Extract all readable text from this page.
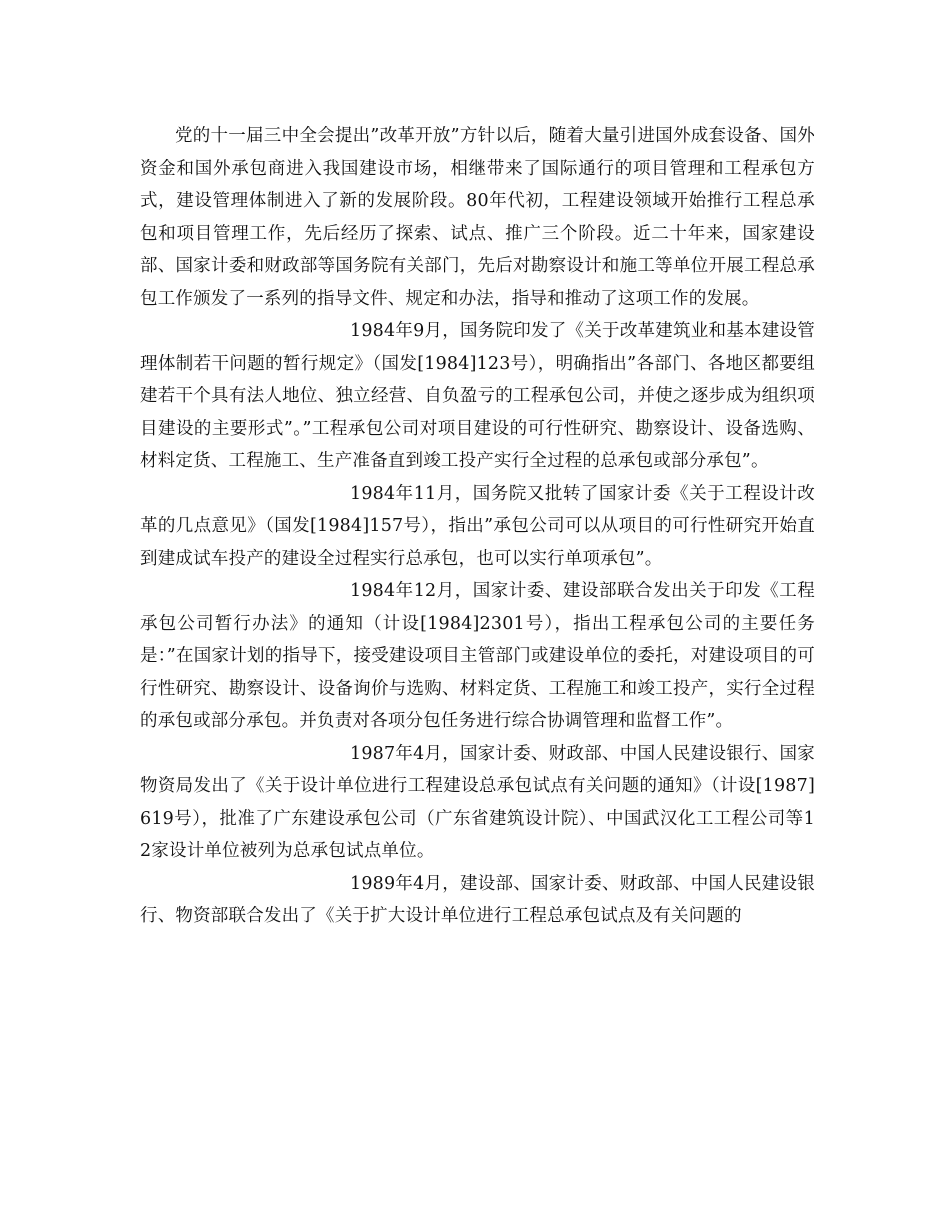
党的十一届三中全会提出”改革开放”方针以后，随着大量引进国外成套设备、国外资金和国外承包商进入我国建设市场，相继带来了国际通行的项目管理和工程承包方式，建设管理体制进入了新的发展阶段。80年代初，工程建设领域开始推行工程总承包和项目管理工作，先后经历了探索、试点、推广三个阶段。近二十年来，国家建设部、国家计委和财政部等国务院有关部门，先后对勘察设计和施工等单位开展工程总承包工作颁发了一系列的指导文件、规定和办法，指导和推动了这项工作的发展。

1984年9月，国务院印发了《关于改革建筑业和基本建设管理体制若干问题的暂行规定》（国发[1984]123号），明确指出”各部门、各地区都要组建若干个具有法人地位、独立经营、自负盈亏的工程承包公司，并使之逐步成为组织项目建设的主要形式”。”工程承包公司对项目建设的可行性研究、勘察设计、设备选购、材料定货、工程施工、生产准备直到竣工投产实行全过程的总承包或部分承包”。

1984年11月，国务院又批转了国家计委《关于工程设计改革的几点意见》（国发[1984]157号），指出”承包公司可以从项目的可行性研究开始直到建成试车投产的建设全过程实行总承包，也可以实行单项承包”。

1984年12月，国家计委、建设部联合发出关于印发《工程承包公司暂行办法》的通知（计设[1984]2301号），指出工程承包公司的主要任务是：”在国家计划的指导下，接受建设项目主管部门或建设单位的委托，对建设项目的可行性研究、勘察设计、设备询价与选购、材料定货、工程施工和竣工投产，实行全过程的承包或部分承包。并负责对各项分包任务进行综合协调管理和监督工作”。

1987年4月，国家计委、财政部、中国人民建设银行、国家物资局发出了《关于设计单位进行工程建设总承包试点有关问题的通知》（计设[1987]619号），批准了广东建设承包公司（广东省建筑设计院）、中国武汉化工工程公司等12家设计单位被列为总承包试点单位。

1989年4月，建设部、国家计委、财政部、中国人民建设银行、物资部联合发出了《关于扩大设计单位进行工程总承包试点及有关问题的
